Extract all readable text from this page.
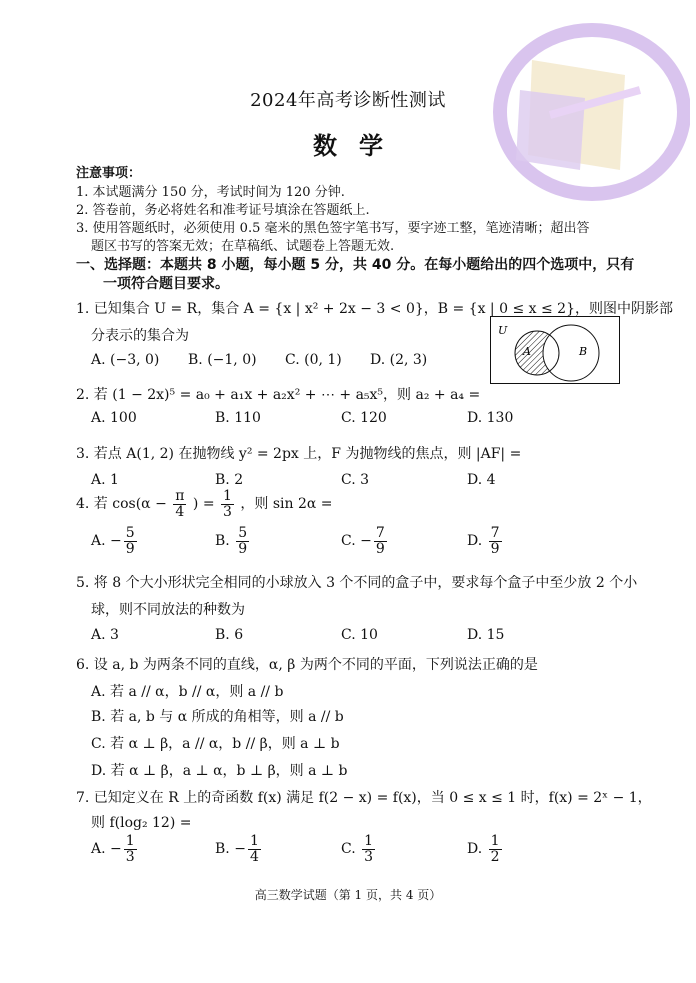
2024年高考诊断性测试
数学
注意事项：
1. 本试题满分 150 分，考试时间为 120 分钟.
2. 答卷前，务必将姓名和准考证号填涂在答题纸上.
3. 使用答题纸时，必须使用 0.5 毫米的黑色签字笔书写，要字迹工整，笔迹清晰；超出答
题区书写的答案无效；在草稿纸、试题卷上答题无效.
一、选择题：本题共 8 小题，每小题 5 分，共 40 分。在每小题给出的四个选项中，只有
一项符合题目要求。
1. 已知集合 U = R，集合 A = {x | x² + 2x − 3 < 0}，B = {x | 0 ≤ x ≤ 2}，则图中阴影部
分表示的集合为
A. (−3, 0) B. (−1, 0) C. (0, 1) D. (2, 3)
U
A	B
2. 若 (1 − 2x)⁵ = a₀ + a₁x + a₂x² + ⋯ + a₅x⁵，则 a₂ + a₄ =
A. 100	B. 110	C. 120	D. 130
3. 若点 A(1, 2) 在抛物线 y² = 2px 上，F 为抛物线的焦点，则 |AF| =
A. 1	B. 2	C. 3	D. 4
4. 若 $\cos(\alpha - \frac{\pi}{4}$ ) = $\frac{1}{3}$ ，则 sin 2α =
A. − $\frac{5}{9}$	B. $\frac{5}{9}$	C. − $\frac{7}{9}$	D. $\frac{7}{9}$
5. 将 8 个大小形状完全相同的小球放入 3 个不同的盒子中，要求每个盒子中至少放 2 个小
球，则不同放法的种数为
A. 3	B. 6	C. 10	D. 15
6. 设 a, b 为两条不同的直线，α, β 为两个不同的平面，下列说法正确的是
A. 若 a // α，b // α，则 a // b
B. 若 a, b 与 α 所成的角相等，则 a // b
C. 若 α ⊥ β，a // α，b // β，则 a ⊥ b
D. 若 α ⊥ β，a ⊥ α，b ⊥ β，则 a ⊥ b
7. 已知定义在 R 上的奇函数 f(x) 满足 f(2 − x) = f(x)，当 0 ≤ x ≤ 1 时，f(x) = 2ˣ − 1，
则 f(log₂ 12) =
A. − $\frac{1}{3}$	B. − $\frac{1}{4}$	C. $\frac{1}{3}$	D. $\frac{1}{2}$
高三数学试题（第 1 页，共 4 页）
